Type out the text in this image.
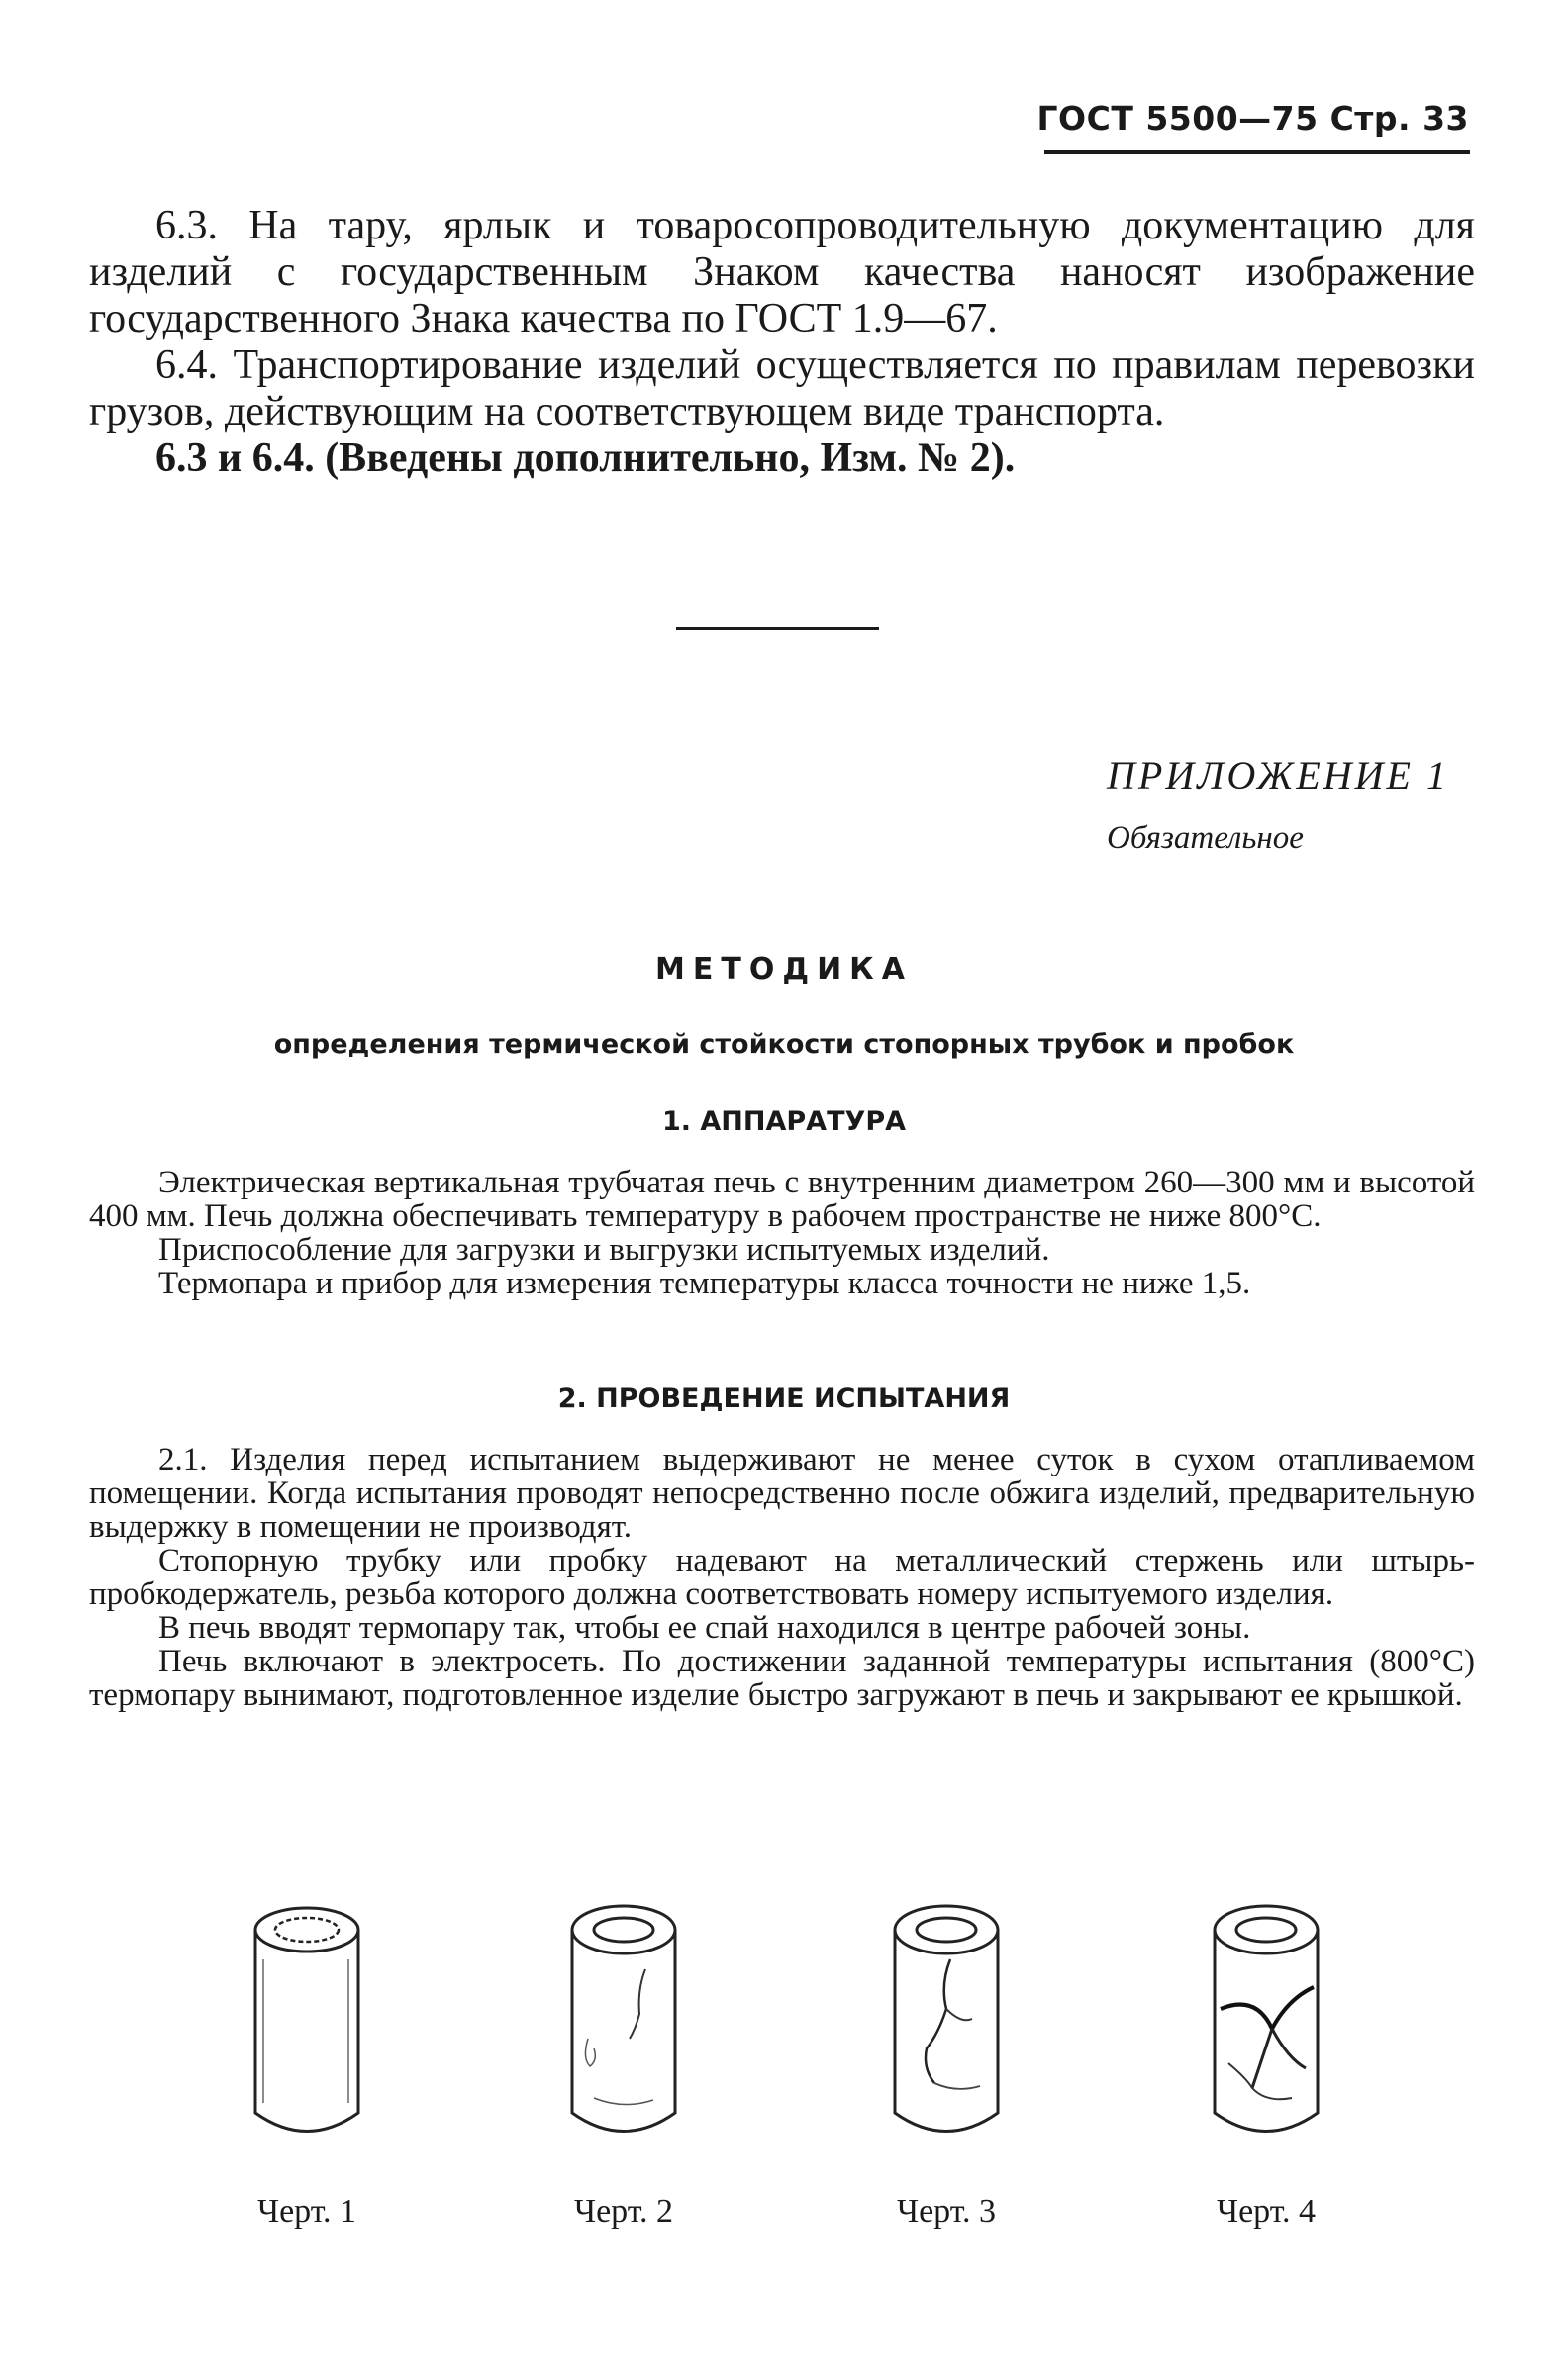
ГОСТ 5500—75 Стр. 33

6.3. На тару, ярлык и товаросопроводительную документацию для изделий с государственным Знаком качества наносят изображение государственного Знака качества по ГОСТ 1.9—67.

6.4. Транспортирование изделий осуществляется по правилам перевозки грузов, действующим на соответствующем виде транспорта.

6.3 и 6.4. (Введены дополнительно, Изм. № 2).

ПРИЛОЖЕНИЕ 1
Обязательное
МЕТОДИКА
определения термической стойкости стопорных трубок и пробок
1. АППАРАТУРА

Электрическая вертикальная трубчатая печь с внутренним диаметром 260—300 мм и высотой 400 мм. Печь должна обеспечивать температуру в рабочем пространстве не ниже 800°С.

Приспособление для загрузки и выгрузки испытуемых изделий.

Термопара и прибор для измерения температуры класса точности не ниже 1,5.

2. ПРОВЕДЕНИЕ ИСПЫТАНИЯ

2.1. Изделия перед испытанием выдерживают не менее суток в сухом отапливаемом помещении. Когда испытания проводят непосредственно после обжига изделий, предварительную выдержку в помещении не производят.

Стопорную трубку или пробку надевают на металлический стержень или штырь-пробкодержатель, резьба которого должна соответствовать номеру испытуемого изделия.

В печь вводят термопару так, чтобы ее спай находился в центре рабочей зоны.

Печь включают в электросеть. По достижении заданной температуры испытания (800°С) термопару вынимают, подготовленное изделие быстро загружают в печь и закрывают ее крышкой.

Черт. 1	Черт. 2	Черт. 3	Черт. 4
